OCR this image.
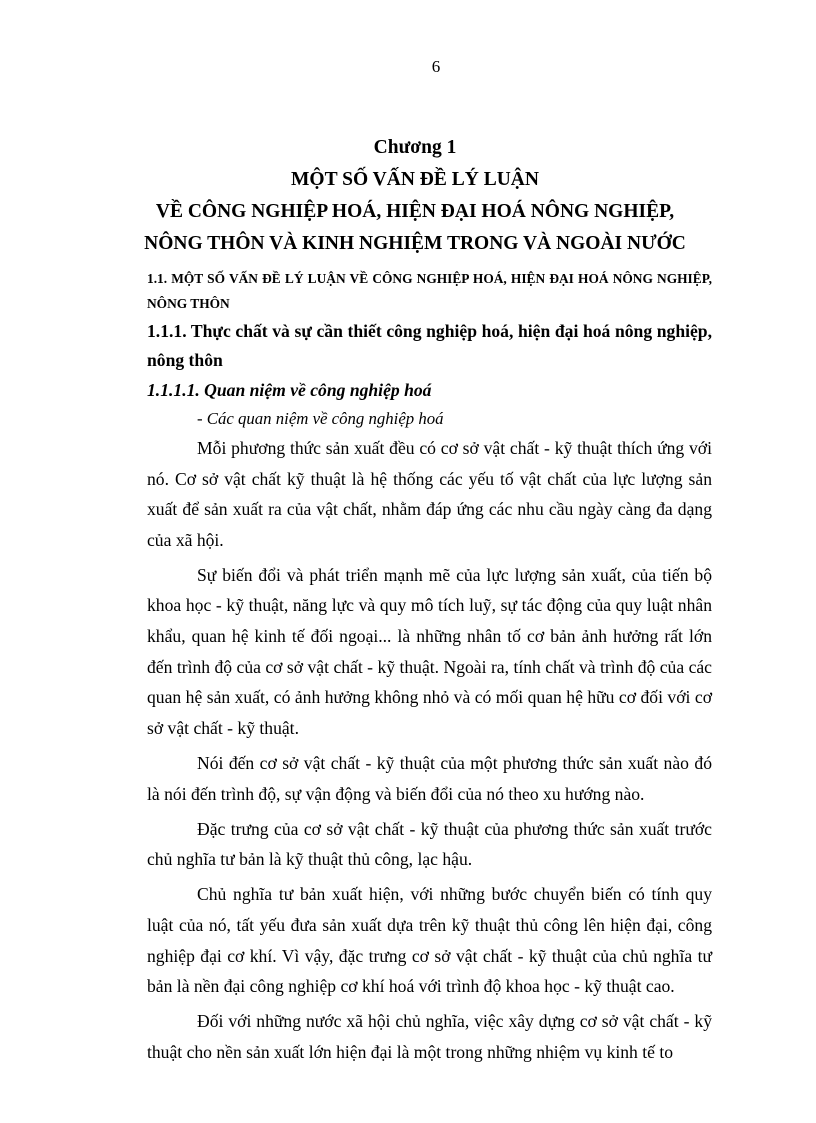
6
Chương 1
MỘT SỐ VẤN ĐỀ LÝ LUẬN
VỀ CÔNG NGHIỆP HOÁ, HIỆN ĐẠI HOÁ NÔNG NGHIỆP,
NÔNG THÔN VÀ KINH NGHIỆM TRONG VÀ NGOÀI NƯỚC

1.1. MỘT SỐ VẤN ĐỀ LÝ LUẬN VỀ CÔNG NGHIỆP HOÁ, HIỆN ĐẠI HOÁ NÔNG NGHIỆP, NÔNG THÔN

1.1.1. Thực chất và sự cần thiết công nghiệp hoá, hiện đại hoá nông nghiệp, nông thôn

1.1.1.1. Quan niệm về công nghiệp hoá

- Các quan niệm về công nghiệp hoá

Mỗi phương thức sản xuất đều có cơ sở vật chất - kỹ thuật thích ứng với nó. Cơ sở vật chất kỹ thuật là hệ thống các yếu tố vật chất của lực lượng sản xuất để sản xuất ra của vật chất, nhằm đáp ứng các nhu cầu ngày càng đa dạng của xã hội.

Sự biến đổi và phát triển mạnh mẽ của lực lượng sản xuất, của tiến bộ khoa học - kỹ thuật, năng lực và quy mô tích luỹ, sự tác động của quy luật nhân khẩu, quan hệ kinh tế đối ngoại... là những nhân tố cơ bản ảnh hưởng rất lớn đến trình độ của cơ sở vật chất - kỹ thuật. Ngoài ra, tính chất và trình độ của các quan hệ sản xuất, có ảnh hưởng không nhỏ và có mối quan hệ hữu cơ đối với cơ sở vật chất - kỹ thuật.

Nói đến cơ sở vật chất - kỹ thuật của một phương thức sản xuất nào đó là nói đến trình độ, sự vận động và biến đổi của nó theo xu hướng nào.

Đặc trưng của cơ sở vật chất - kỹ thuật của phương thức sản xuất trước chủ nghĩa tư bản là kỹ thuật thủ công, lạc hậu.

Chủ nghĩa tư bản xuất hiện, với những bước chuyển biến có tính quy luật của nó, tất yếu đưa sản xuất dựa trên kỹ thuật thủ công lên hiện đại, công nghiệp đại cơ khí. Vì vậy, đặc trưng cơ sở vật chất - kỹ thuật của chủ nghĩa tư bản là nền đại công nghiệp cơ khí hoá với trình độ khoa học - kỹ thuật cao.

Đối với những nước xã hội chủ nghĩa, việc xây dựng cơ sở vật chất - kỹ thuật cho nền sản xuất lớn hiện đại là một trong những nhiệm vụ kinh tế to
